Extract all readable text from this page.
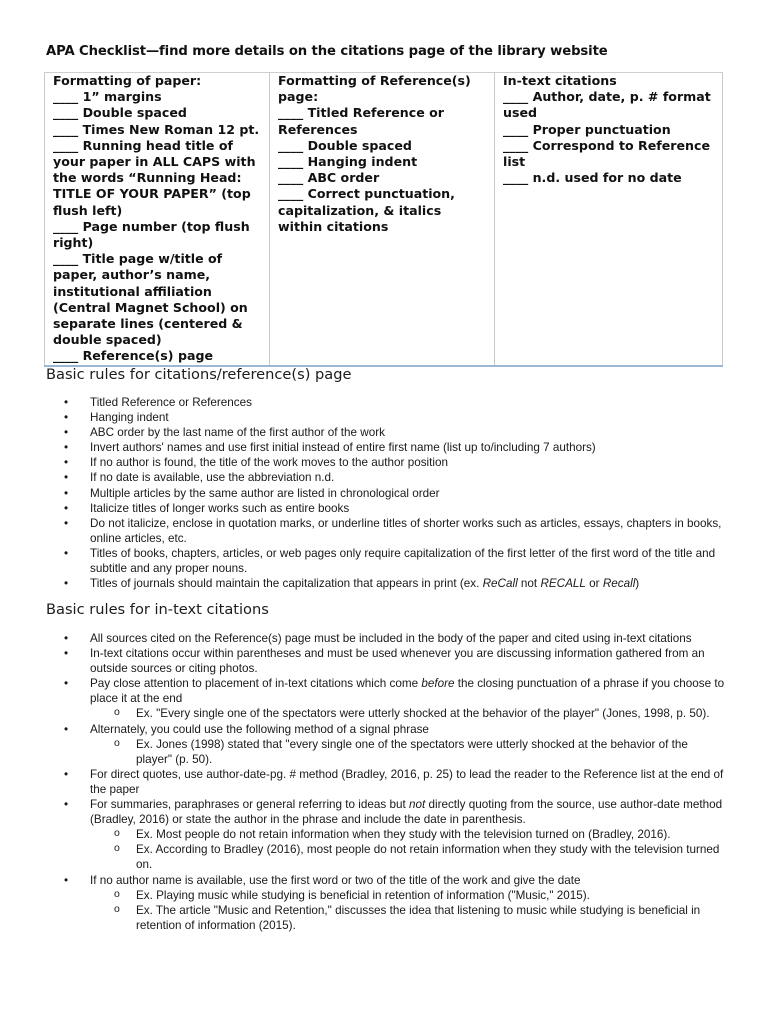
APA Checklist—find more details on the citations page of the library website
Formatting of paper:
____ 1” margins
____ Double spaced
____ Times New Roman 12 pt.
____ Running head title of your paper in ALL CAPS with the words “Running Head: TITLE OF YOUR PAPER” (top flush left)
____ Page number (top flush right)
____ Title page w/title of paper, author’s name, institutional affiliation (Central Magnet School) on separate lines (centered & double spaced)
____ Reference(s) page

Formatting of Reference(s) page:
____ Titled Reference or References
____ Double spaced
____ Hanging indent
____ ABC order
____ Correct punctuation, capitalization, & italics within citations

In-text citations
____ Author, date, p. # format used
____ Proper punctuation
____ Correspond to Reference list
____ n.d. used for no date
Basic rules for citations/reference(s) page
• Titled Reference or References
• Hanging indent
• ABC order by the last name of the first author of the work
• Invert authors' names and use first initial instead of entire first name (list up to/including 7 authors)
• If no author is found, the title of the work moves to the author position
• If no date is available, use the abbreviation n.d.
• Multiple articles by the same author are listed in chronological order
• Italicize titles of longer works such as entire books
• Do not italicize, enclose in quotation marks, or underline titles of shorter works such as articles, essays, chapters in books, online articles, etc.
• Titles of books, chapters, articles, or web pages only require capitalization of the first letter of the first word of the title and subtitle and any proper nouns.
• Titles of journals should maintain the capitalization that appears in print (ex. ReCall not RECALL or Recall)
Basic rules for in-text citations
• All sources cited on the Reference(s) page must be included in the body of the paper and cited using in-text citations
• In-text citations occur within parentheses and must be used whenever you are discussing information gathered from an outside sources or citing photos.
• Pay close attention to placement of in-text citations which come before the closing punctuation of a phrase if you choose to place it at the end
o Ex. "Every single one of the spectators were utterly shocked at the behavior of the player" (Jones, 1998, p. 50).
• Alternately, you could use the following method of a signal phrase
o Ex. Jones (1998) stated that "every single one of the spectators were utterly shocked at the behavior of the player" (p. 50).
• For direct quotes, use author-date-pg. # method (Bradley, 2016, p. 25) to lead the reader to the Reference list at the end of the paper
• For summaries, paraphrases or general referring to ideas but not directly quoting from the source, use author-date method (Bradley, 2016) or state the author in the phrase and include the date in parenthesis.
o Ex. Most people do not retain information when they study with the television turned on (Bradley, 2016).
o Ex. According to Bradley (2016), most people do not retain information when they study with the television turned on.
• If no author name is available, use the first word or two of the title of the work and give the date
o Ex. Playing music while studying is beneficial in retention of information ("Music," 2015).
o Ex. The article "Music and Retention," discusses the idea that listening to music while studying is beneficial in retention of information (2015).
